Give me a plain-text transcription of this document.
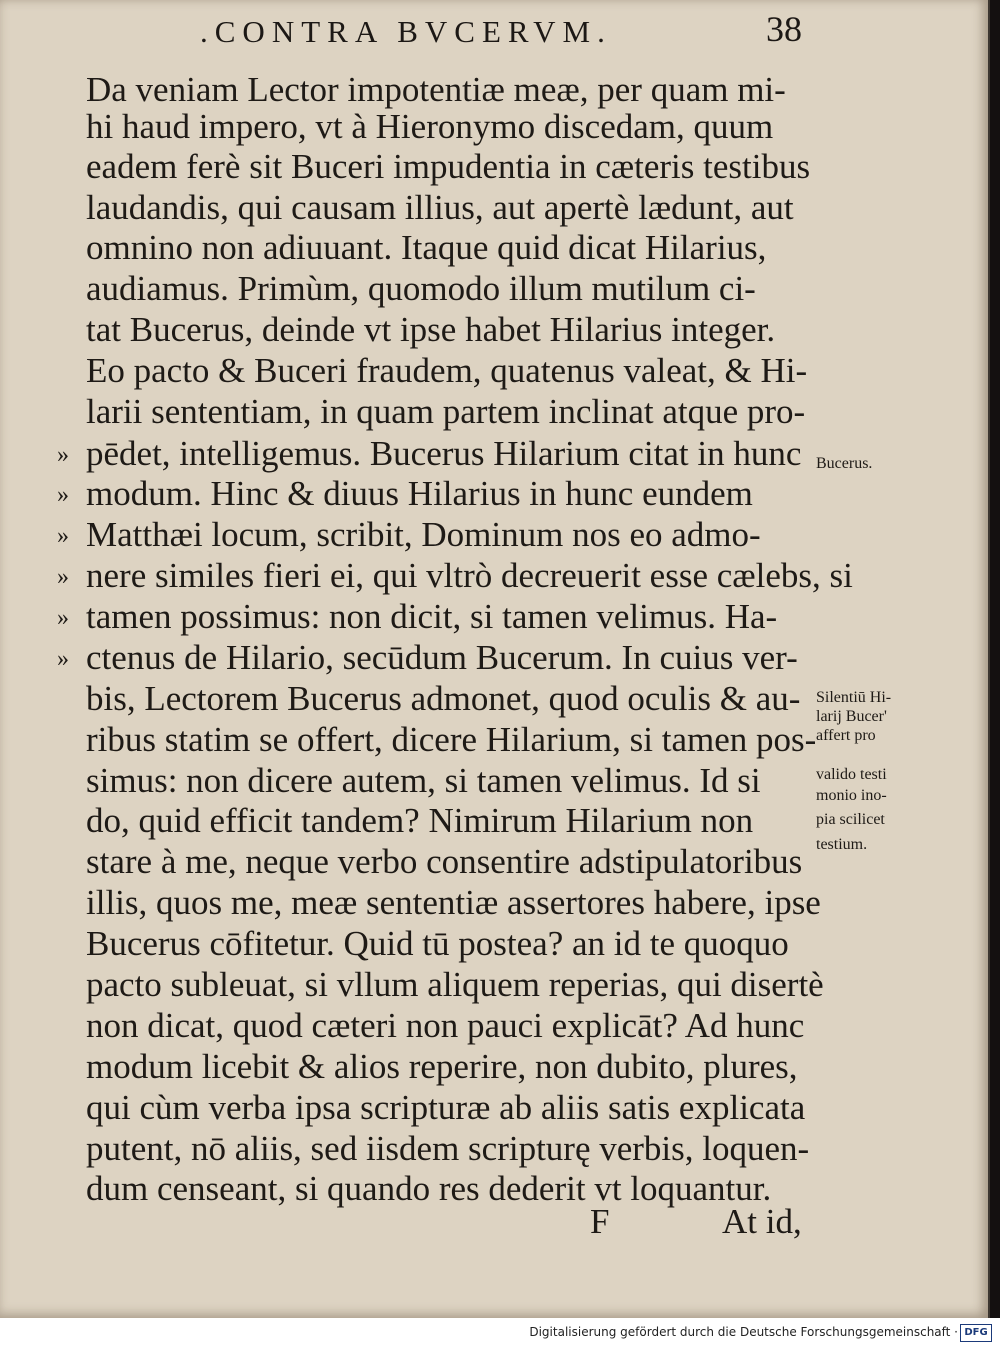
.CONTRA BVCERVM.	38
Da veniam Lector impotentiæ meæ, per quam mi-
hi haud impero, vt à Hieronymo discedam, quum
eadem ferè sit Buceri impudentia in cæteris testibus
laudandis, qui causam illius, aut apertè lædunt, aut
omnino non adiuuant. Itaque quid dicat Hilarius,
audiamus. Primùm, quomodo illum mutilum ci-
tat Bucerus, deinde vt ipse habet Hilarius integer.
Eo pacto & Buceri fraudem, quatenus valeat, & Hi-
larii sententiam, in quam partem inclinat atque pro-
pēdet, intelligemus. Bucerus Hilarium citat in hunc
modum. Hinc & diuus Hilarius in hunc eundem
Matthæi locum, scribit, Dominum nos eo admo-
nere similes fieri ei, qui vltrò decreuerit esse cælebs, si
tamen possimus: non dicit, si tamen velimus. Ha-
ctenus de Hilario, secūdum Bucerum. In cuius ver-
bis, Lectorem Bucerus admonet, quod oculis & au-
ribus statim se offert, dicere Hilarium, si tamen pos-
simus: non dicere autem, si tamen velimus. Id si
do, quid efficit tandem? Nimirum Hilarium non
stare à me, neque verbo consentire adstipulatoribus
illis, quos me, meæ sententiæ assertores habere, ipse
Bucerus cōfitetur. Quid tū postea? an id te quoquo
pacto subleuat, si vllum aliquem reperias, qui disertè
non dicat, quod cæteri non pauci explicāt? Ad hunc
modum licebit & alios reperire, non dubito, plures,
qui cùm verba ipsa scripturæ ab aliis satis explicata
putent, nō aliis, sed iisdem scripturę verbis, loquen-
dum censeant, si quando res dederit vt loquantur.
»
»
»
»
»
»
Bucerus.
Silentiū Hi-
larij Bucer'
affert pro
valido testi
monio ino-
pia scilicet
testium.
F	At id,
Digitalisierung gefördert durch die Deutsche Forschungsgemeinschaft · DFG
